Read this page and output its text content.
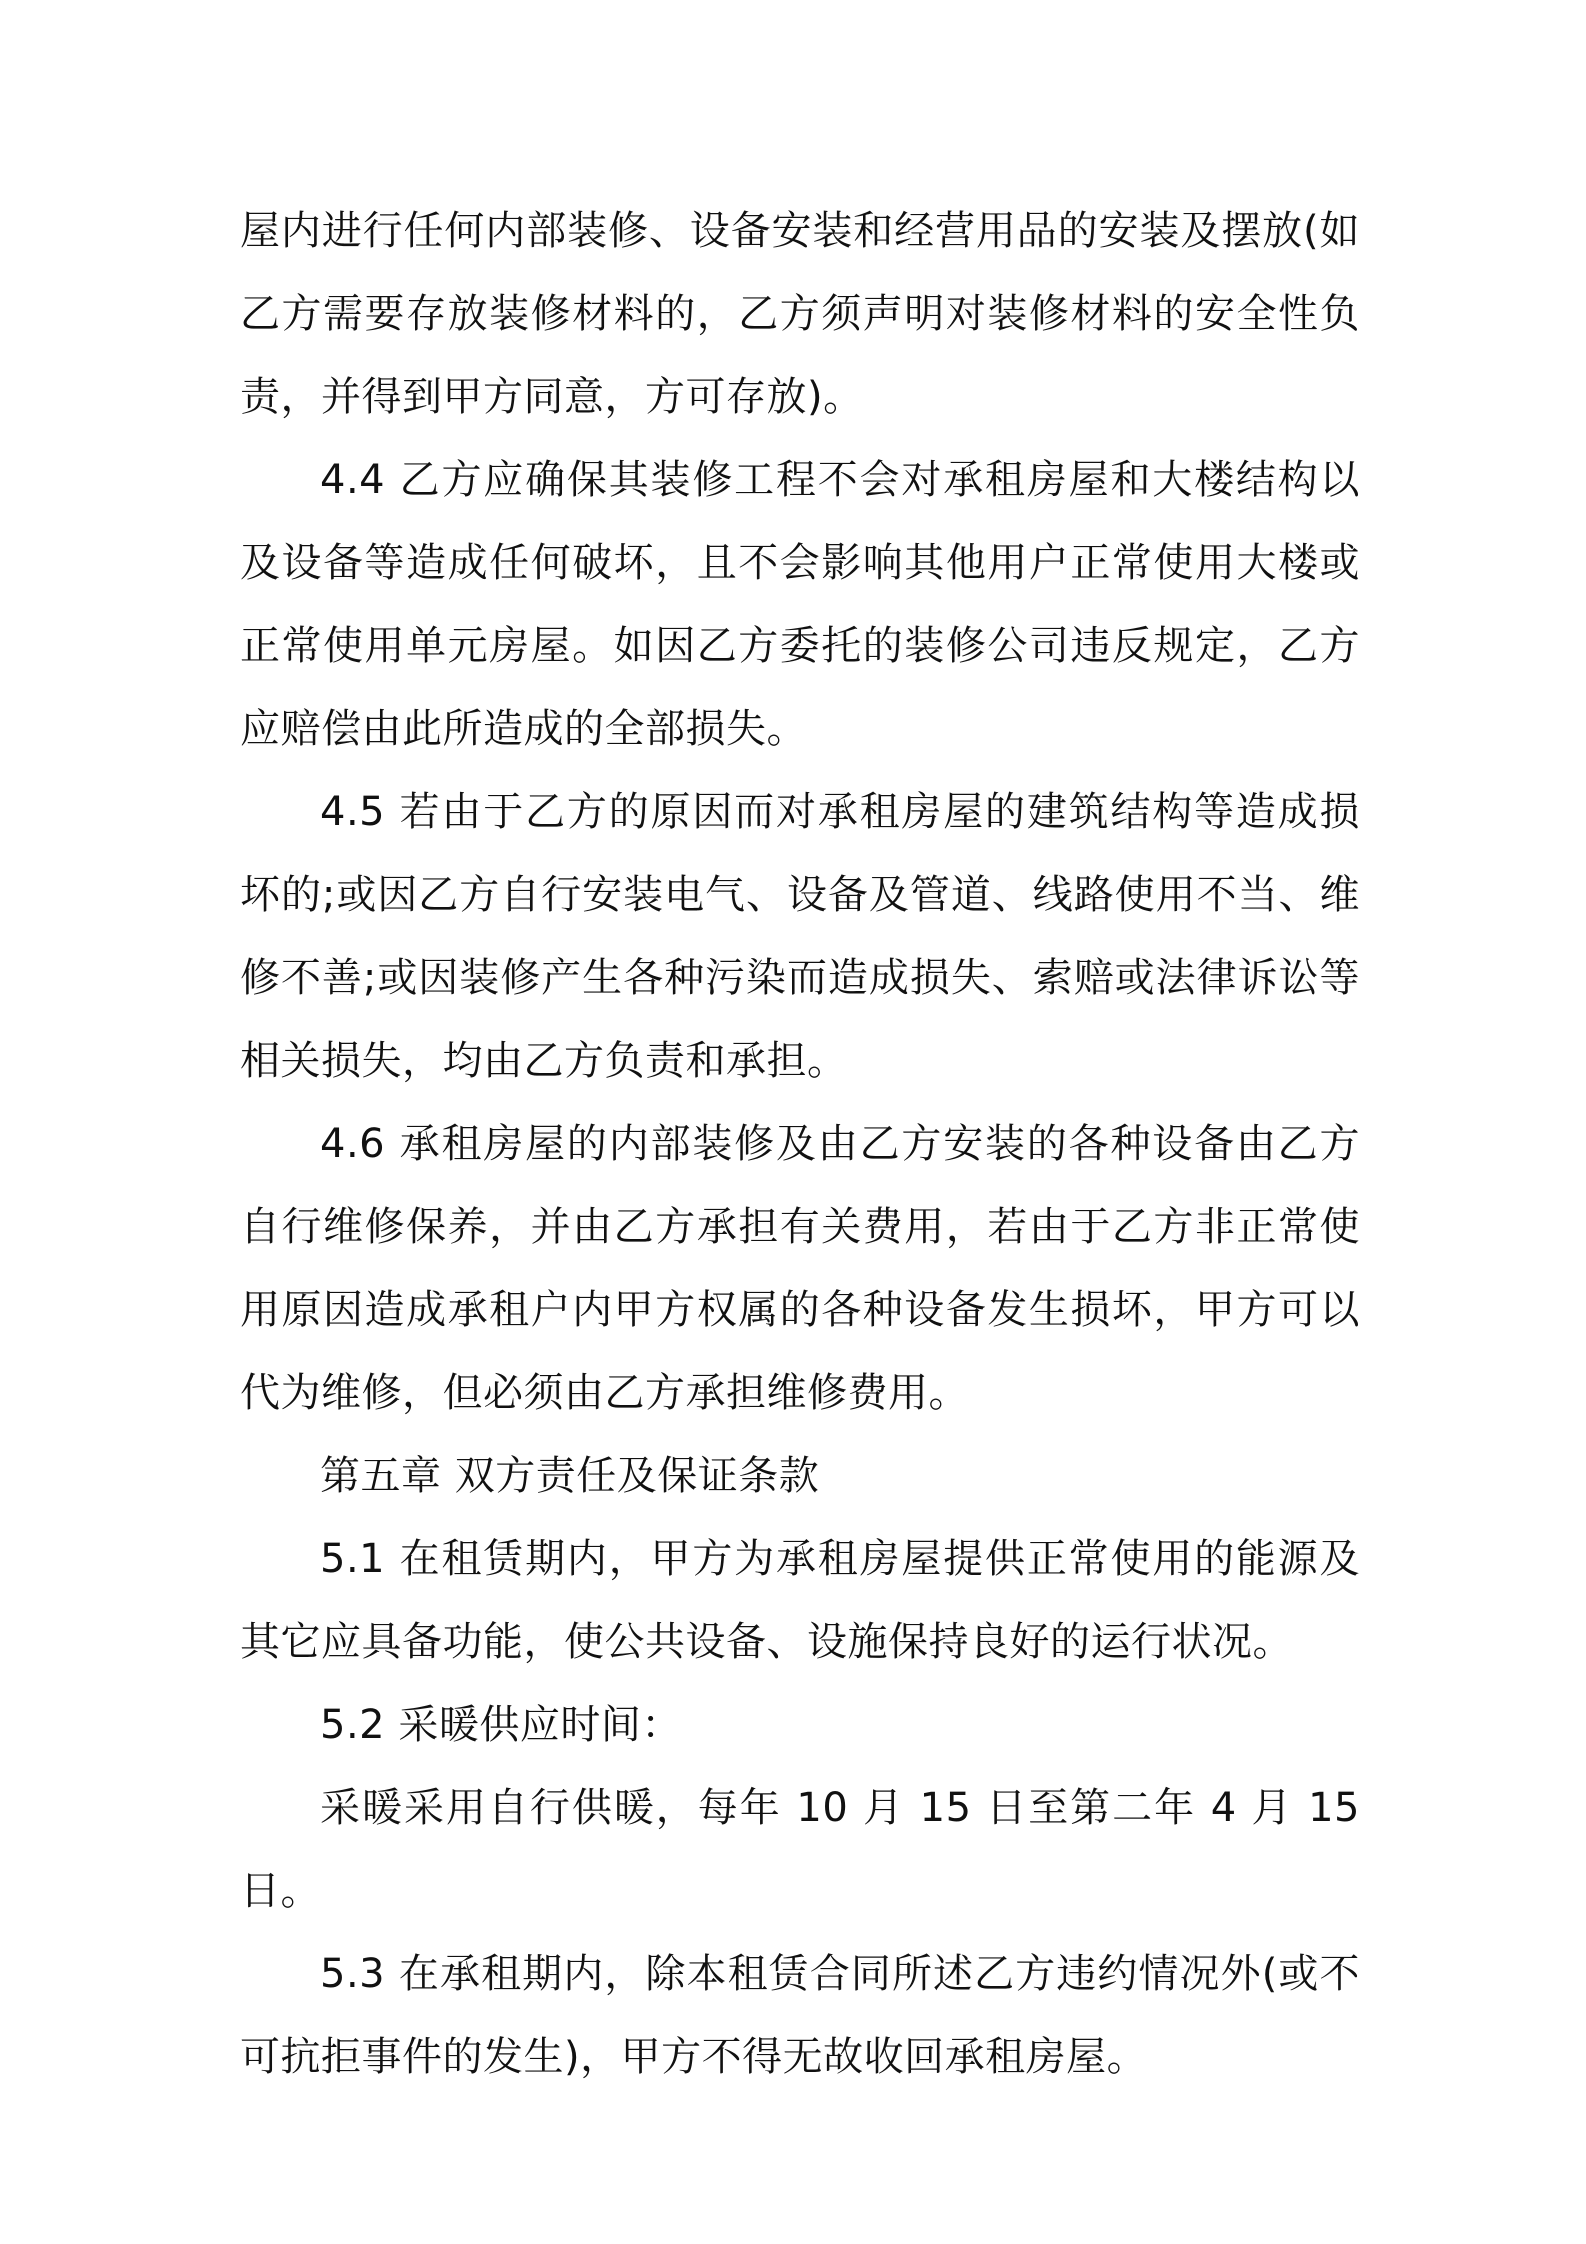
屋内进行任何内部装修、设备安装和经营用品的安装及摆放(如乙方需要存放装修材料的，乙方须声明对装修材料的安全性负责，并得到甲方同意，方可存放)。

4.4 乙方应确保其装修工程不会对承租房屋和大楼结构以及设备等造成任何破坏，且不会影响其他用户正常使用大楼或正常使用单元房屋。如因乙方委托的装修公司违反规定，乙方应赔偿由此所造成的全部损失。

4.5 若由于乙方的原因而对承租房屋的建筑结构等造成损坏的;或因乙方自行安装电气、设备及管道、线路使用不当、维修不善;或因装修产生各种污染而造成损失、索赔或法律诉讼等相关损失，均由乙方负责和承担。

4.6 承租房屋的内部装修及由乙方安装的各种设备由乙方自行维修保养，并由乙方承担有关费用，若由于乙方非正常使用原因造成承租户内甲方权属的各种设备发生损坏，甲方可以代为维修，但必须由乙方承担维修费用。

第五章 双方责任及保证条款

5.1 在租赁期内，甲方为承租房屋提供正常使用的能源及其它应具备功能，使公共设备、设施保持良好的运行状况。

5.2 采暖供应时间：

采暖采用自行供暖，每年 10 月 15 日至第二年 4 月 15 日。

5.3 在承租期内，除本租赁合同所述乙方违约情况外(或不可抗拒事件的发生)，甲方不得无故收回承租房屋。
